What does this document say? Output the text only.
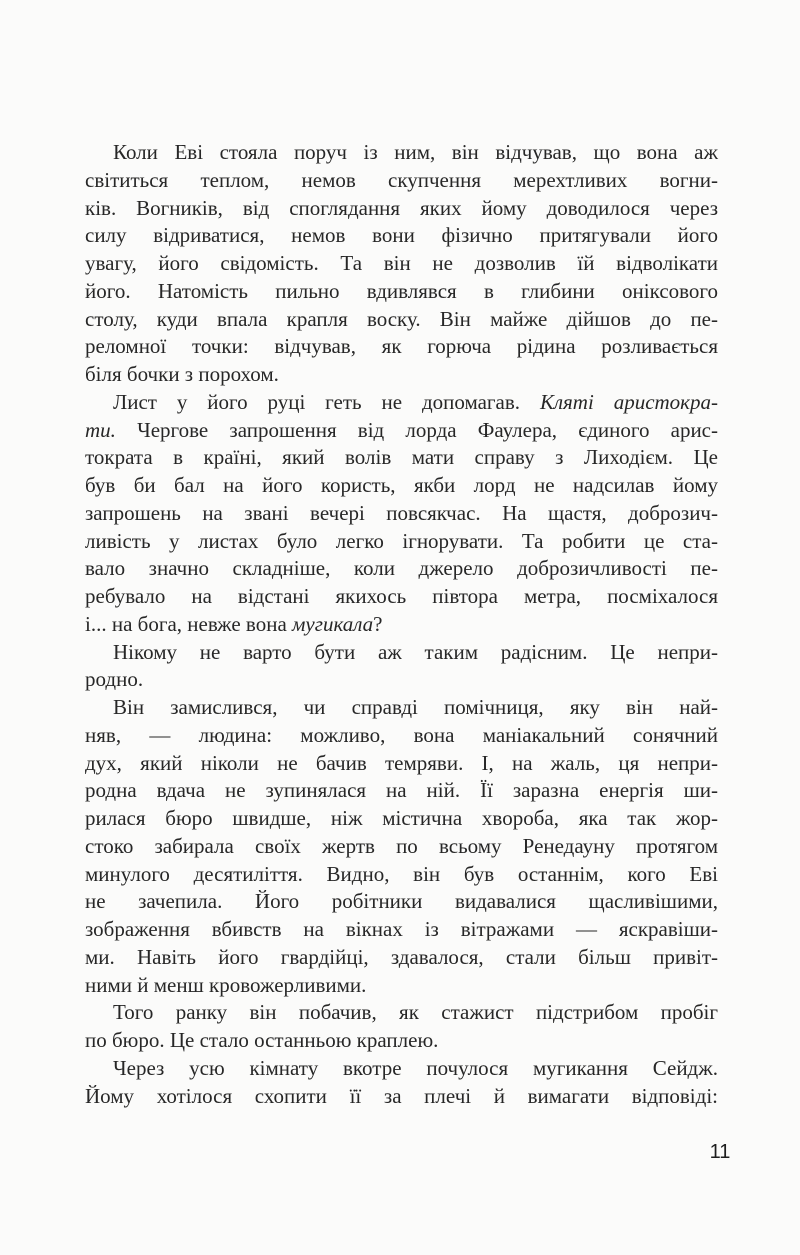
Коли Еві стояла поруч із ним, він відчував, що вона аж
світиться теплом, немов скупчення мерехтливих вогни-
ків. Вогників, від споглядання яких йому доводилося через
силу відриватися, немов вони фізично притягували його
увагу, його свідомість. Та він не дозволив їй відволікати
його. Натомість пильно вдивлявся в глибини оніксового
столу, куди впала крапля воску. Він майже дійшов до пе-
реломної точки: відчував, як горюча рідина розливається
біля бочки з порохом.
Лист у його руці геть не допомагав. Кляті аристокра-
ти. Чергове запрошення від лорда Фаулера, єдиного арис-
тократа в країні, який волів мати справу з Лиходієм. Це
був би бал на його користь, якби лорд не надсилав йому
запрошень на звані вечері повсякчас. На щастя, доброзич-
ливість у листах було легко ігнорувати. Та робити це ста-
вало значно складніше, коли джерело доброзичливості пе-
ребувало на відстані якихось півтора метра, посміхалося
і... на бога, невже вона мугикала?
Нікому не варто бути аж таким радісним. Це непри-
родно.
Він замислився, чи справді помічниця, яку він най-
няв, — людина: можливо, вона маніакальний сонячний
дух, який ніколи не бачив темряви. І, на жаль, ця непри-
родна вдача не зупинялася на ній. Її заразна енергія ши-
рилася бюро швидше, ніж містична хвороба, яка так жор-
стоко забирала своїх жертв по всьому Ренедауну протягом
минулого десятиліття. Видно, він був останнім, кого Еві
не зачепила. Його робітники видавалися щасливішими,
зображення вбивств на вікнах із вітражами — яскравіши-
ми. Навіть його гвардійці, здавалося, стали більш привіт-
ними й менш кровожерливими.
Того ранку він побачив, як стажист підстрибом пробіг
по бюро. Це стало останньою краплею.
Через усю кімнату вкотре почулося мугикання Сейдж.
Йому хотілося схопити її за плечі й вимагати відповіді:
11
